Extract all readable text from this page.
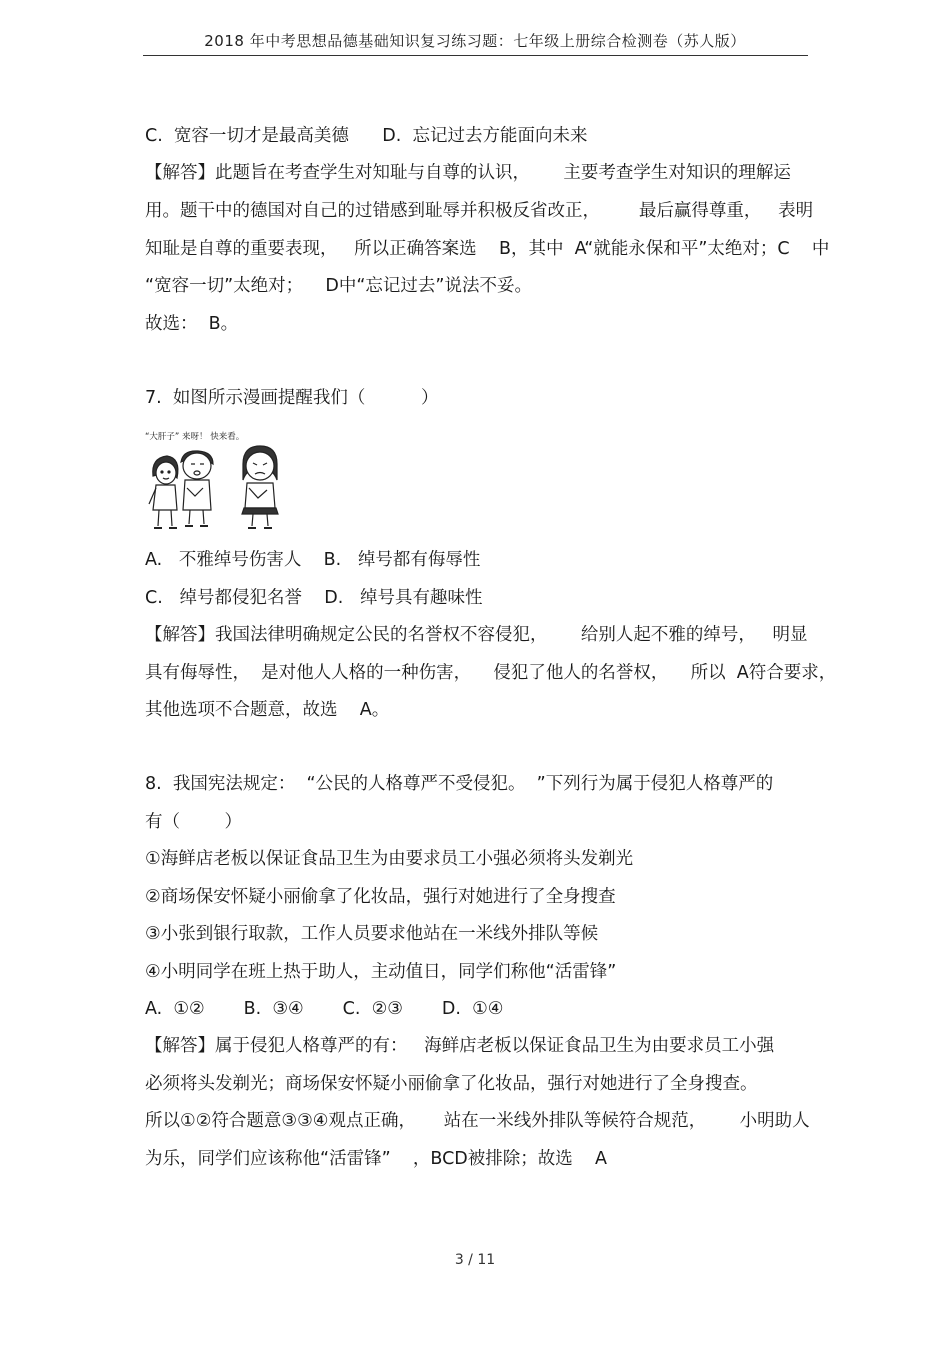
2018 年中考思想品德基础知识复习练习题：七年级上册综合检测卷（苏人版）
C.  宽容一切才是最高美德      D.  忘记过去方能面向未来
【解答】此题旨在考查学生对知耻与自尊的认识，      主要考查学生对知识的理解运
用。题干中的德国对自己的过错感到耻辱并积极反省改正，       最后赢得尊重，   表明
知耻是自尊的重要表现，   所以正确答案选    B，其中  A“就能永保和平”太绝对；C    中
“宽容一切”太绝对；    D中“忘记过去”说法不妥。
故选：  B。
7.  如图所示漫画提醒我们（          ）
A.   不雅绰号伤害人    B.   绰号都有侮辱性
C.   绰号都侵犯名誉    D.   绰号具有趣味性
【解答】我国法律明确规定公民的名誉权不容侵犯，      给别人起不雅的绰号，   明显
具有侮辱性，  是对他人人格的一种伤害，    侵犯了他人的名誉权，    所以  A符合要求，
其他选项不合题意，故选    A。
8.  我国宪法规定：  “公民的人格尊严不受侵犯。  ”下列行为属于侵犯人格尊严的
有（        ）
①海鲜店老板以保证食品卫生为由要求员工小强必须将头发剃光
②商场保安怀疑小丽偷拿了化妆品，强行对她进行了全身搜查
③小张到银行取款，工作人员要求他站在一米线外排队等候
④小明同学在班上热于助人，主动值日，同学们称他“活雷锋”
A.  ①②       B.  ③④       C.  ②③       D.  ①④
【解答】属于侵犯人格尊严的有：   海鲜店老板以保证食品卫生为由要求员工小强
必须将头发剃光；商场保安怀疑小丽偷拿了化妆品，强行对她进行了全身搜查。
所以①②符合题意③③④观点正确，     站在一米线外排队等候符合规范，      小明助人
为乐，同学们应该称他“活雷锋”    ，BCD被排除；故选    A
“大肝子” 来呀！ 快来看。
3 / 11
